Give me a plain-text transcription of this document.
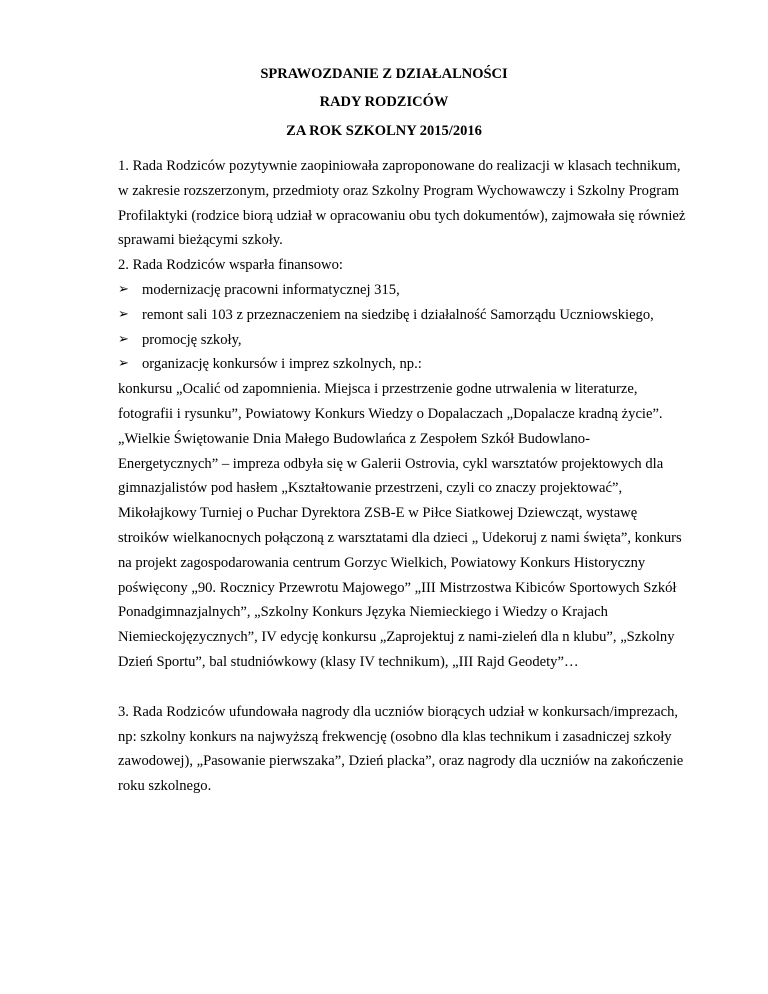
SPRAWOZDANIE Z DZIAŁALNOŚCI
RADY RODZICÓW
ZA ROK SZKOLNY 2015/2016

1. Rada Rodziców pozytywnie zaopiniowała zaproponowane do realizacji w klasach technikum, w zakresie rozszerzonym, przedmioty oraz Szkolny Program Wychowawczy i Szkolny Program Profilaktyki (rodzice biorą udział w opracowaniu obu tych dokumentów), zajmowała się również sprawami bieżącymi szkoły.

2. Rada Rodziców wsparła finansowo:

➢ modernizację pracowni informatycznej 315,
➢ remont sali 103 z przeznaczeniem na siedzibę i działalność Samorządu Uczniowskiego,
➢ promocję szkoły,
➢ organizację konkursów i imprez szkolnych, np.:

konkursu „Ocalić od zapomnienia. Miejsca i przestrzenie godne utrwalenia w literaturze, fotografii i rysunku”, Powiatowy Konkurs Wiedzy o Dopalaczach „Dopalacze kradną życie”. „Wielkie Świętowanie Dnia Małego Budowlańca z Zespołem Szkół Budowlano-Energetycznych” – impreza odbyła się w Galerii Ostrovia, cykl warsztatów projektowych dla gimnazjalistów pod hasłem „Kształtowanie przestrzeni, czyli co znaczy projektować”, Mikołajkowy Turniej o Puchar Dyrektora ZSB-E w Piłce Siatkowej Dziewcząt, wystawę stroików wielkanocnych połączoną z warsztatami dla dzieci „ Udekoruj z nami święta”, konkurs na projekt zagospodarowania centrum Gorzyc Wielkich, Powiatowy Konkurs Historyczny poświęcony „90. Rocznicy Przewrotu Majowego” „III Mistrzostwa Kibiców Sportowych Szkół Ponadgimnazjalnych”, „Szkolny Konkurs Języka Niemieckiego i Wiedzy o Krajach Niemieckojęzycznych”, IV edycję konkursu „Zaprojektuj z nami-zieleń dla n klubu”, „Szkolny Dzień Sportu”, bal studniówkowy (klasy IV technikum), „III Rajd Geodety”…

3. Rada Rodziców ufundowała nagrody dla uczniów biorących udział w konkursach/imprezach, np: szkolny konkurs na najwyższą frekwencję (osobno dla klas technikum i zasadniczej szkoły zawodowej), „Pasowanie pierwszaka”, Dzień placka”, oraz nagrody dla uczniów na zakończenie roku szkolnego.
